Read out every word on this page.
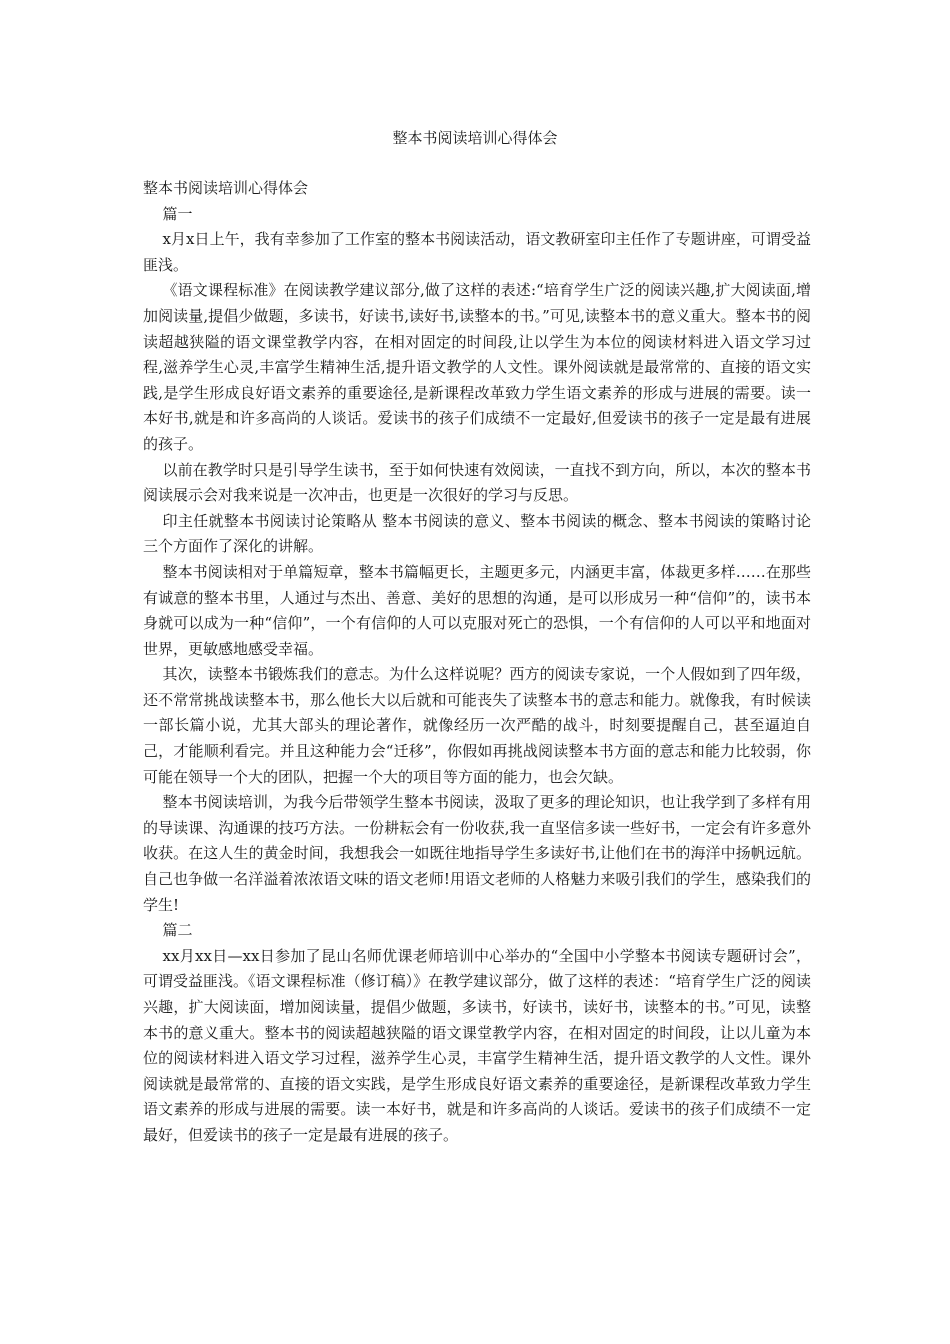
整本书阅读培训心得体会

整本书阅读培训心得体会

篇一

x月x日上午，我有幸参加了工作室的整本书阅读活动，语文教研室印主任作了专题讲座，可谓受益匪浅。

《语文课程标准》在阅读教学建议部分,做了这样的表述:“培育学生广泛的阅读兴趣,扩大阅读面,增加阅读量,提倡少做题，多读书，好读书,读好书,读整本的书。”可见,读整本书的意义重大。整本书的阅读超越狭隘的语文课堂教学内容，在相对固定的时间段,让以学生为本位的阅读材料进入语文学习过程,滋养学生心灵,丰富学生精神生活,提升语文教学的人文性。课外阅读就是最常常的、直接的语文实践,是学生形成良好语文素养的重要途径,是新课程改革致力学生语文素养的形成与进展的需要。读一本好书,就是和许多高尚的人谈话。爱读书的孩子们成绩不一定最好,但爱读书的孩子一定是最有进展的孩子。

以前在教学时只是引导学生读书，至于如何快速有效阅读，一直找不到方向，所以，本次的整本书阅读展示会对我来说是一次冲击，也更是一次很好的学习与反思。

印主任就整本书阅读讨论策略从 整本书阅读的意义、整本书阅读的概念、整本书阅读的策略讨论 三个方面作了深化的讲解。

整本书阅读相对于单篇短章，整本书篇幅更长，主题更多元，内涵更丰富，体裁更多样……在那些有诚意的整本书里，人通过与杰出、善意、美好的思想的沟通，是可以形成另一种“信仰”的，读书本身就可以成为一种“信仰”，一个有信仰的人可以克服对死亡的恐惧，一个有信仰的人可以平和地面对世界，更敏感地感受幸福。

其次，读整本书锻炼我们的意志。为什么这样说呢？西方的阅读专家说，一个人假如到了四年级，还不常常挑战读整本书，那么他长大以后就和可能丧失了读整本书的意志和能力。就像我，有时候读一部长篇小说，尤其大部头的理论著作，就像经历一次严酷的战斗，时刻要提醒自己，甚至逼迫自己，才能顺利看完。并且这种能力会“迁移”，你假如再挑战阅读整本书方面的意志和能力比较弱，你可能在领导一个大的团队，把握一个大的项目等方面的能力，也会欠缺。

整本书阅读培训，为我今后带领学生整本书阅读，汲取了更多的理论知识，也让我学到了多样有用的导读课、沟通课的技巧方法。一份耕耘会有一份收获,我一直坚信多读一些好书，一定会有许多意外收获。在这人生的黄金时间，我想我会一如既往地指导学生多读好书,让他们在书的海洋中扬帆远航。自己也争做一名洋溢着浓浓语文味的语文老师!用语文老师的人格魅力来吸引我们的学生，感染我们的学生!

篇二

xx月xx日—xx日参加了昆山名师优课老师培训中心举办的“全国中小学整本书阅读专题研讨会”，可谓受益匪浅。《语文课程标准（修订稿）》在教学建议部分，做了这样的表述：“培育学生广泛的阅读兴趣，扩大阅读面，增加阅读量，提倡少做题，多读书，好读书，读好书，读整本的书。”可见，读整本书的意义重大。整本书的阅读超越狭隘的语文课堂教学内容，在相对固定的时间段，让以儿童为本位的阅读材料进入语文学习过程，滋养学生心灵，丰富学生精神生活，提升语文教学的人文性。课外阅读就是最常常的、直接的语文实践，是学生形成良好语文素养的重要途径，是新课程改革致力学生语文素养的形成与进展的需要。读一本好书，就是和许多高尚的人谈话。爱读书的孩子们成绩不一定最好，但爱读书的孩子一定是最有进展的孩子。
